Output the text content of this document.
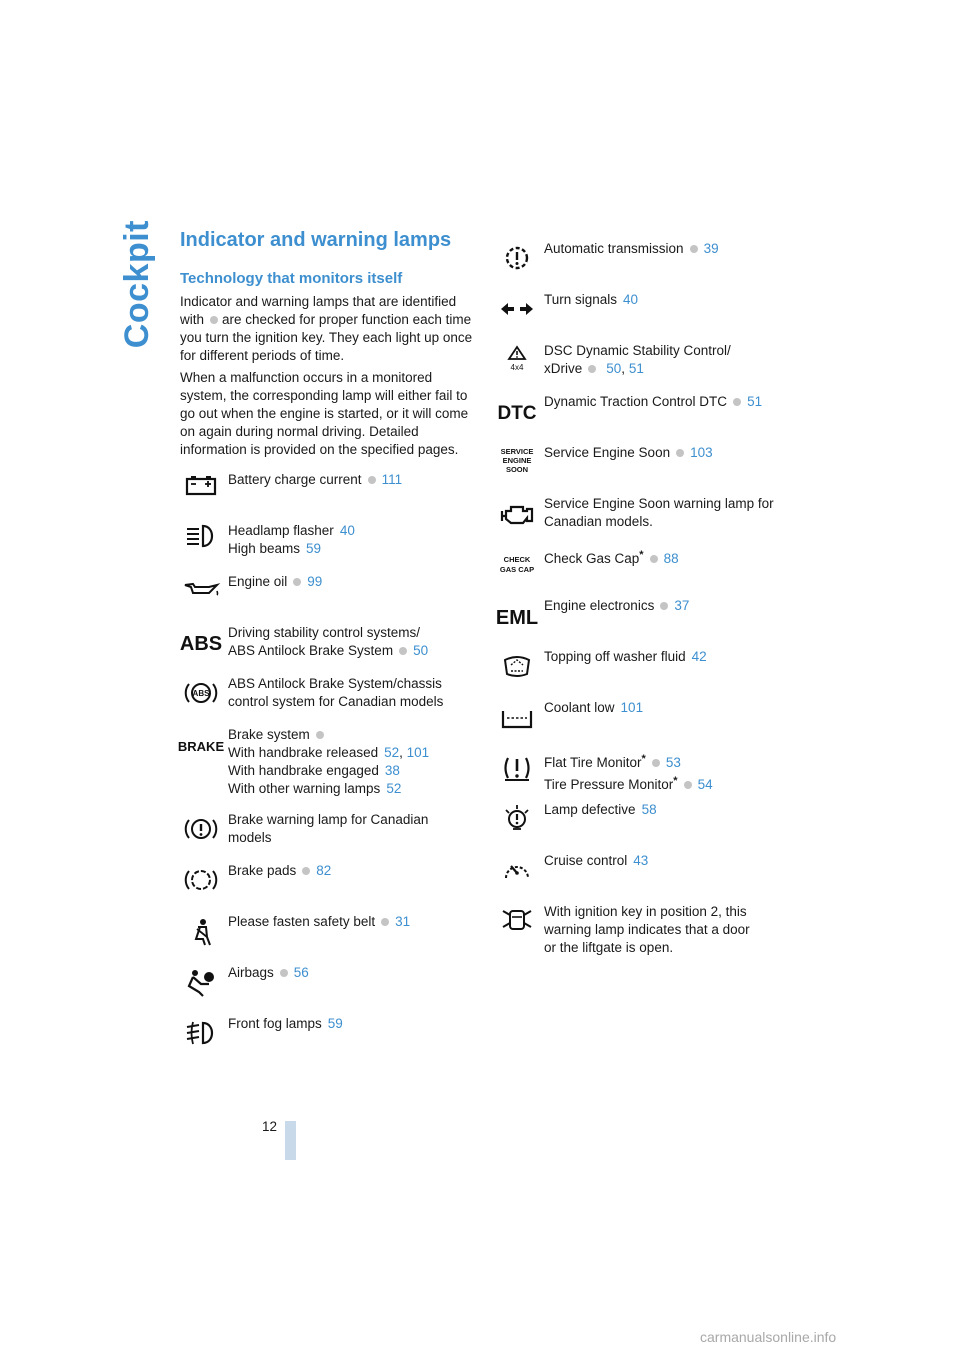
Cockpit Indicator and warning lamps
Technology that monitors itself

Indicator and warning lamps that are identified with are checked for proper function each time you turn the ignition key. They each light up once for different periods of time.

When a malfunction occurs in a monitored system, the corresponding lamp will either fail to go out when the engine is started, or it will come on again during normal driving. Detailed information is provided on the specified pages.

Battery charge current 111
Headlamp flasher 40
High beams 59
Engine oil 99
ABS
Driving stability control systems/
ABS Antilock Brake System 50
ABS
ABS Antilock Brake System/chassis
control system for Canadian models
BRAKE
Brake system
With handbrake released 52, 101
With handbrake engaged 38
With other warning lamps 52
Brake warning lamp for Canadian
models
Brake pads 82
Please fasten safety belt 31
Airbags 56
Front fog lamps 59
Automatic transmission 39
Turn signals 40
4x4
DSC Dynamic Stability Control/
xDrive 50, 51
DTC
Dynamic Traction Control DTC 51
SERVICE
ENGINE
SOON
Service Engine Soon 103
Service Engine Soon warning lamp for
Canadian models.
CHECK
GAS CAP
Check Gas Cap* 88
EML
Engine electronics 37
Topping off washer fluid 42
Coolant low 101
Flat Tire Monitor* 53
Tire Pressure Monitor* 54
Lamp defective 58
Cruise control 43
With ignition key in position 2, this
warning lamp indicates that a door
or the liftgate is open.
12
carmanualsonline.info
